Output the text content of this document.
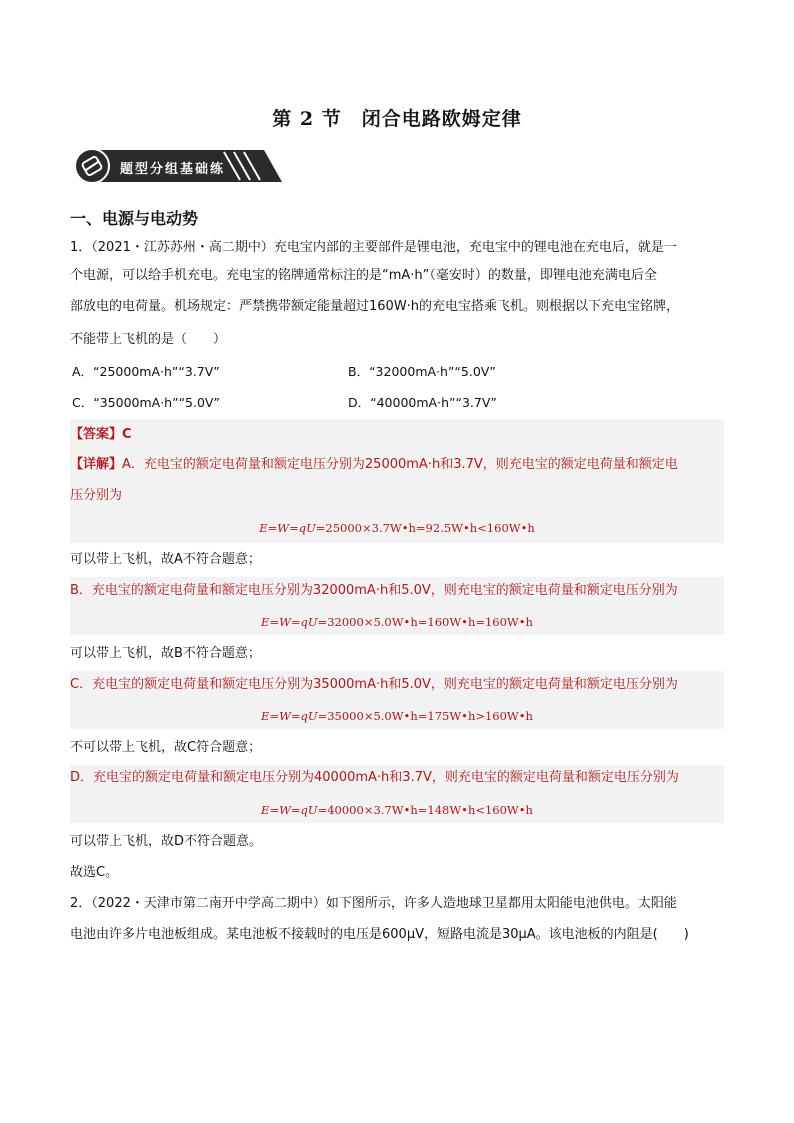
第 2 节　闭合电路欧姆定律
题型分组基础练
一、电源与电动势
1．（2021・江苏苏州・高二期中）充电宝内部的主要部件是锂电池，充电宝中的锂电池在充电后，就是一
个电源，可以给手机充电。充电宝的铭牌通常标注的是“mA·h”（毫安时）的数量，即锂电池充满电后全
部放电的电荷量。机场规定：严禁携带额定能量超过160W·h的充电宝搭乘飞机。则根据以下充电宝铭牌，
不能带上飞机的是（　　）
A．“25000mA·h”“3.7V”	B．“32000mA·h”“5.0V”
C．“35000mA·h”“5.0V”	D．“40000mA·h”“3.7V”
【答案】C
【详解】A．充电宝的额定电荷量和额定电压分别为25000mA·h和3.7V，则充电宝的额定电荷量和额定电
压分别为
E=W=qU=25000×3.7W•h=92.5W•h<160W•h
可以带上飞机，故A不符合题意；
B．充电宝的额定电荷量和额定电压分别为32000mA·h和5.0V，则充电宝的额定电荷量和额定电压分别为
E=W=qU=32000×5.0W•h=160W•h=160W•h
可以带上飞机，故B不符合题意；
C．充电宝的额定电荷量和额定电压分别为35000mA·h和5.0V，则充电宝的额定电荷量和额定电压分别为
E=W=qU=35000×5.0W•h=175W•h>160W•h
不可以带上飞机，故C符合题意；
D．充电宝的额定电荷量和额定电压分别为40000mA·h和3.7V，则充电宝的额定电荷量和额定电压分别为
E=W=qU=40000×3.7W•h=148W•h<160W•h
可以带上飞机，故D不符合题意。
故选C。
2．（2022・天津市第二南开中学高二期中）如下图所示，许多人造地球卫星都用太阳能电池供电。太阳能
电池由许多片电池板组成。某电池板不接载时的电压是600μV，短路电流是30μA。该电池板的内阻是(　　)
